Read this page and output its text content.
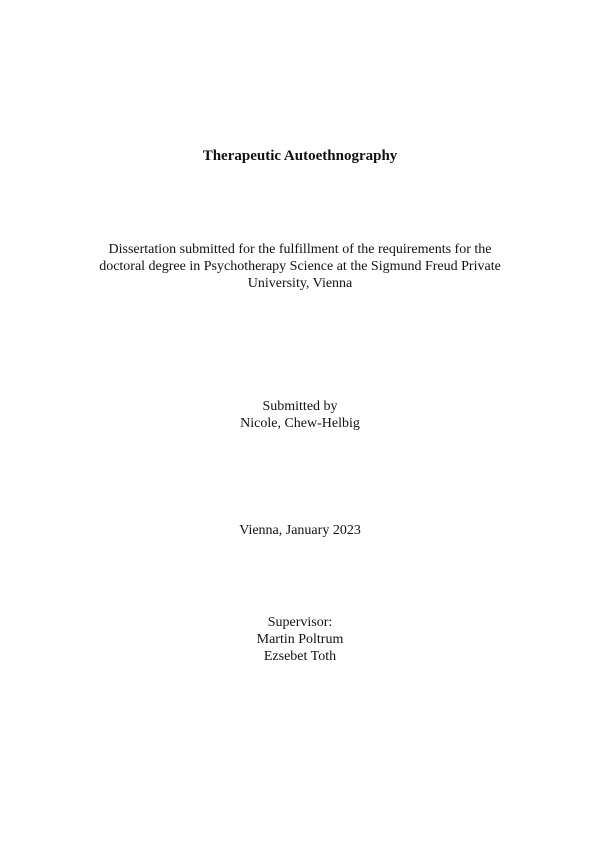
Therapeutic Autoethnography
Dissertation submitted for the fulfillment of the requirements for the
doctoral degree in Psychotherapy Science at the Sigmund Freud Private
University, Vienna
Submitted by
Nicole, Chew-Helbig
Vienna, January 2023
Supervisor:
Martin Poltrum
Ezsebet Toth
